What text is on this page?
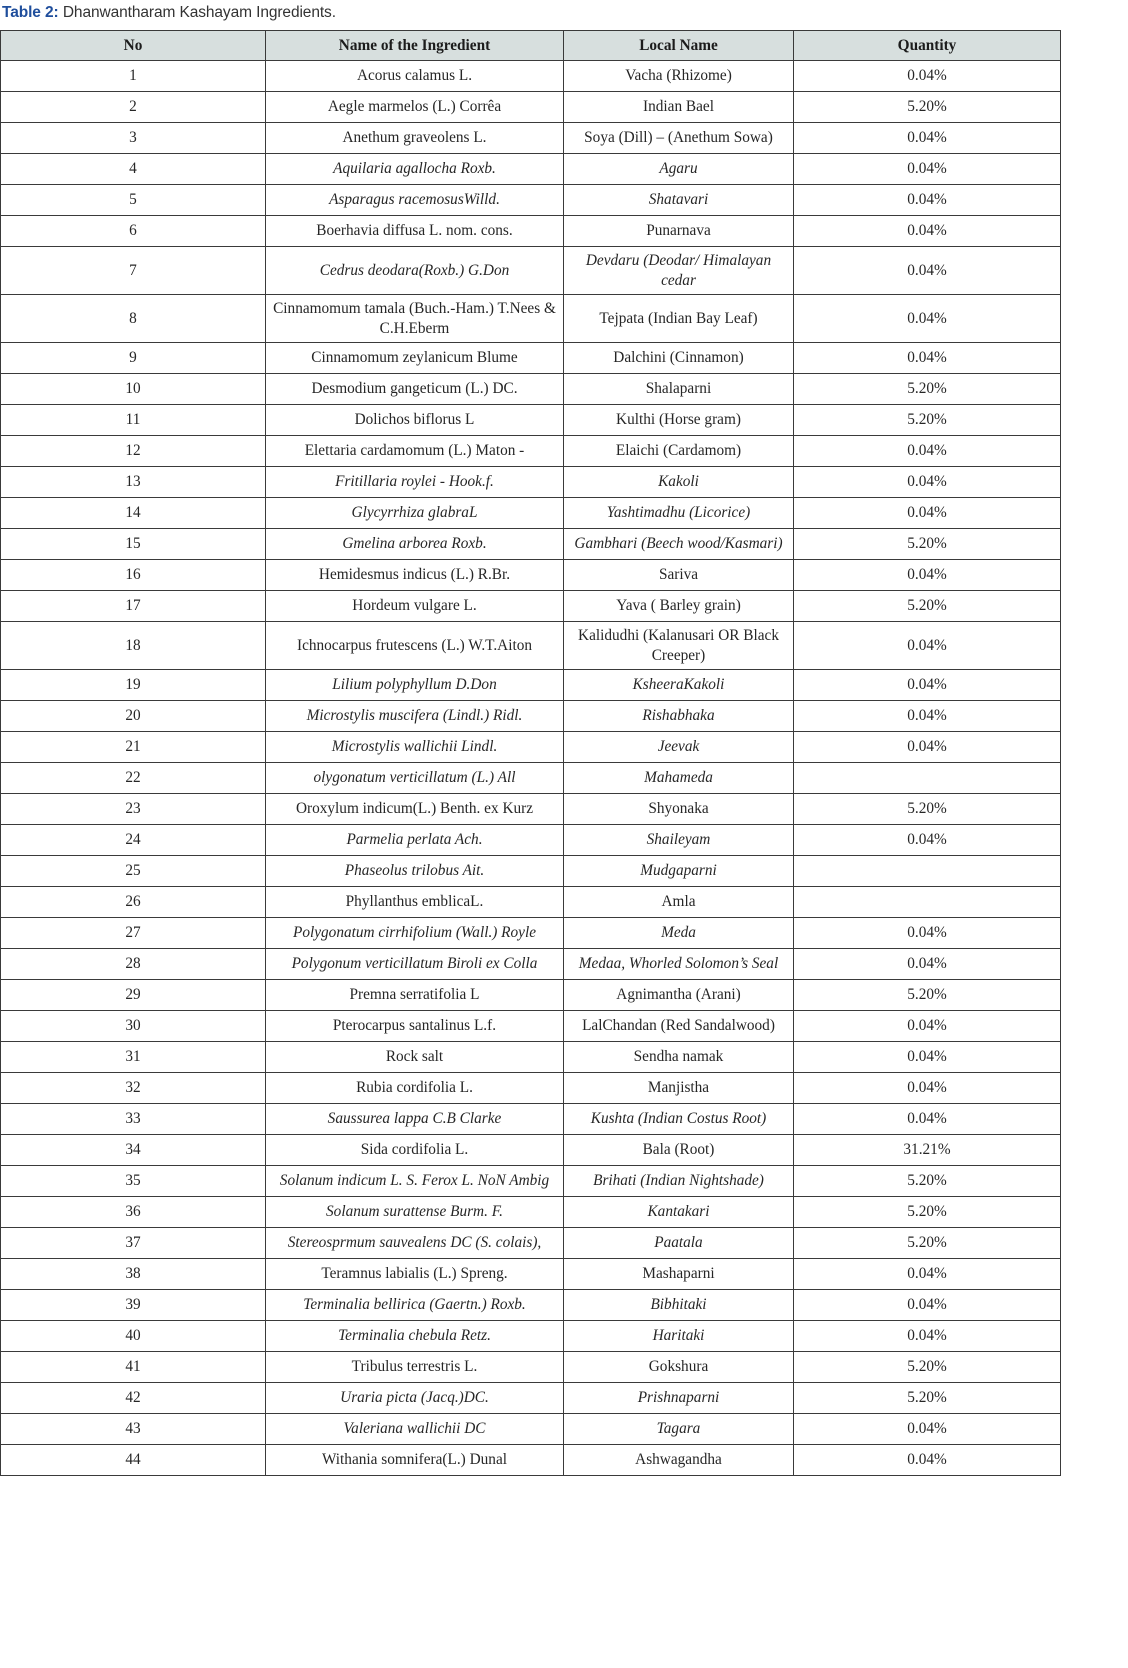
Table 2: Dhanwantharam Kashayam Ingredients.
No	Name of the Ingredient	Local Name	Quantity
1	Acorus calamus L.	Vacha (Rhizome)	0.04%
2	Aegle marmelos (L.) Corrêa	Indian Bael	5.20%
3	Anethum graveolens L.	Soya (Dill) – (Anethum Sowa)	0.04%
4	Aquilaria agallocha Roxb.	Agaru	0.04%
5	Asparagus racemosusWilld.	Shatavari	0.04%
6	Boerhavia diffusa L. nom. cons.	Punarnava	0.04%
7	Cedrus deodara(Roxb.) G.Don	Devdaru (Deodar/ Himalayan cedar	0.04%
8	Cinnamomum tamala (Buch.-Ham.) T.Nees & C.H.Eberm	Tejpata (Indian Bay Leaf)	0.04%
9	Cinnamomum zeylanicum Blume	Dalchini (Cinnamon)	0.04%
10	Desmodium gangeticum (L.) DC.	Shalaparni	5.20%
11	Dolichos biflorus L	Kulthi (Horse gram)	5.20%
12	Elettaria cardamomum (L.) Maton -	Elaichi (Cardamom)	0.04%
13	Fritillaria roylei - Hook.f.	Kakoli	0.04%
14	Glycyrrhiza glabraL	Yashtimadhu (Licorice)	0.04%
15	Gmelina arborea Roxb.	Gambhari (Beech wood/Kasmari)	5.20%
16	Hemidesmus indicus (L.) R.Br.	Sariva	0.04%
17	Hordeum vulgare L.	Yava ( Barley grain)	5.20%
18	Ichnocarpus frutescens (L.) W.T.Aiton	Kalidudhi (Kalanusari OR Black Creeper)	0.04%
19	Lilium polyphyllum D.Don	KsheeraKakoli	0.04%
20	Microstylis muscifera (Lindl.) Ridl.	Rishabhaka	0.04%
21	Microstylis wallichii Lindl.	Jeevak	0.04%
22	olygonatum verticillatum (L.) All	Mahameda	
23	Oroxylum indicum(L.) Benth. ex Kurz	Shyonaka	5.20%
24	Parmelia perlata Ach.	Shaileyam	0.04%
25	Phaseolus trilobus Ait.	Mudgaparni	
26	Phyllanthus emblicaL.	Amla	
27	Polygonatum cirrhifolium (Wall.) Royle	Meda	0.04%
28	Polygonum verticillatum Biroli ex Colla	Medaa, Whorled Solomon’s Seal	0.04%
29	Premna serratifolia L	Agnimantha (Arani)	5.20%
30	Pterocarpus santalinus L.f.	LalChandan (Red Sandalwood)	0.04%
31	Rock salt	Sendha namak	0.04%
32	Rubia cordifolia L.	Manjistha	0.04%
33	Saussurea lappa C.B Clarke	Kushta (Indian Costus Root)	0.04%
34	Sida cordifolia L.	Bala (Root)	31.21%
35	Solanum indicum L. S. Ferox L. NoN Ambig	Brihati (Indian Nightshade)	5.20%
36	Solanum surattense Burm. F.	Kantakari	5.20%
37	Stereosprmum sauvealens DC (S. colais),	Paatala	5.20%
38	Teramnus labialis (L.) Spreng.	Mashaparni	0.04%
39	Terminalia bellirica (Gaertn.) Roxb.	Bibhitaki	0.04%
40	Terminalia chebula Retz.	Haritaki	0.04%
41	Tribulus terrestris L.	Gokshura	5.20%
42	Uraria picta (Jacq.)DC.	Prishnaparni	5.20%
43	Valeriana wallichii DC	Tagara	0.04%
44	Withania somnifera(L.) Dunal	Ashwagandha	0.04%
